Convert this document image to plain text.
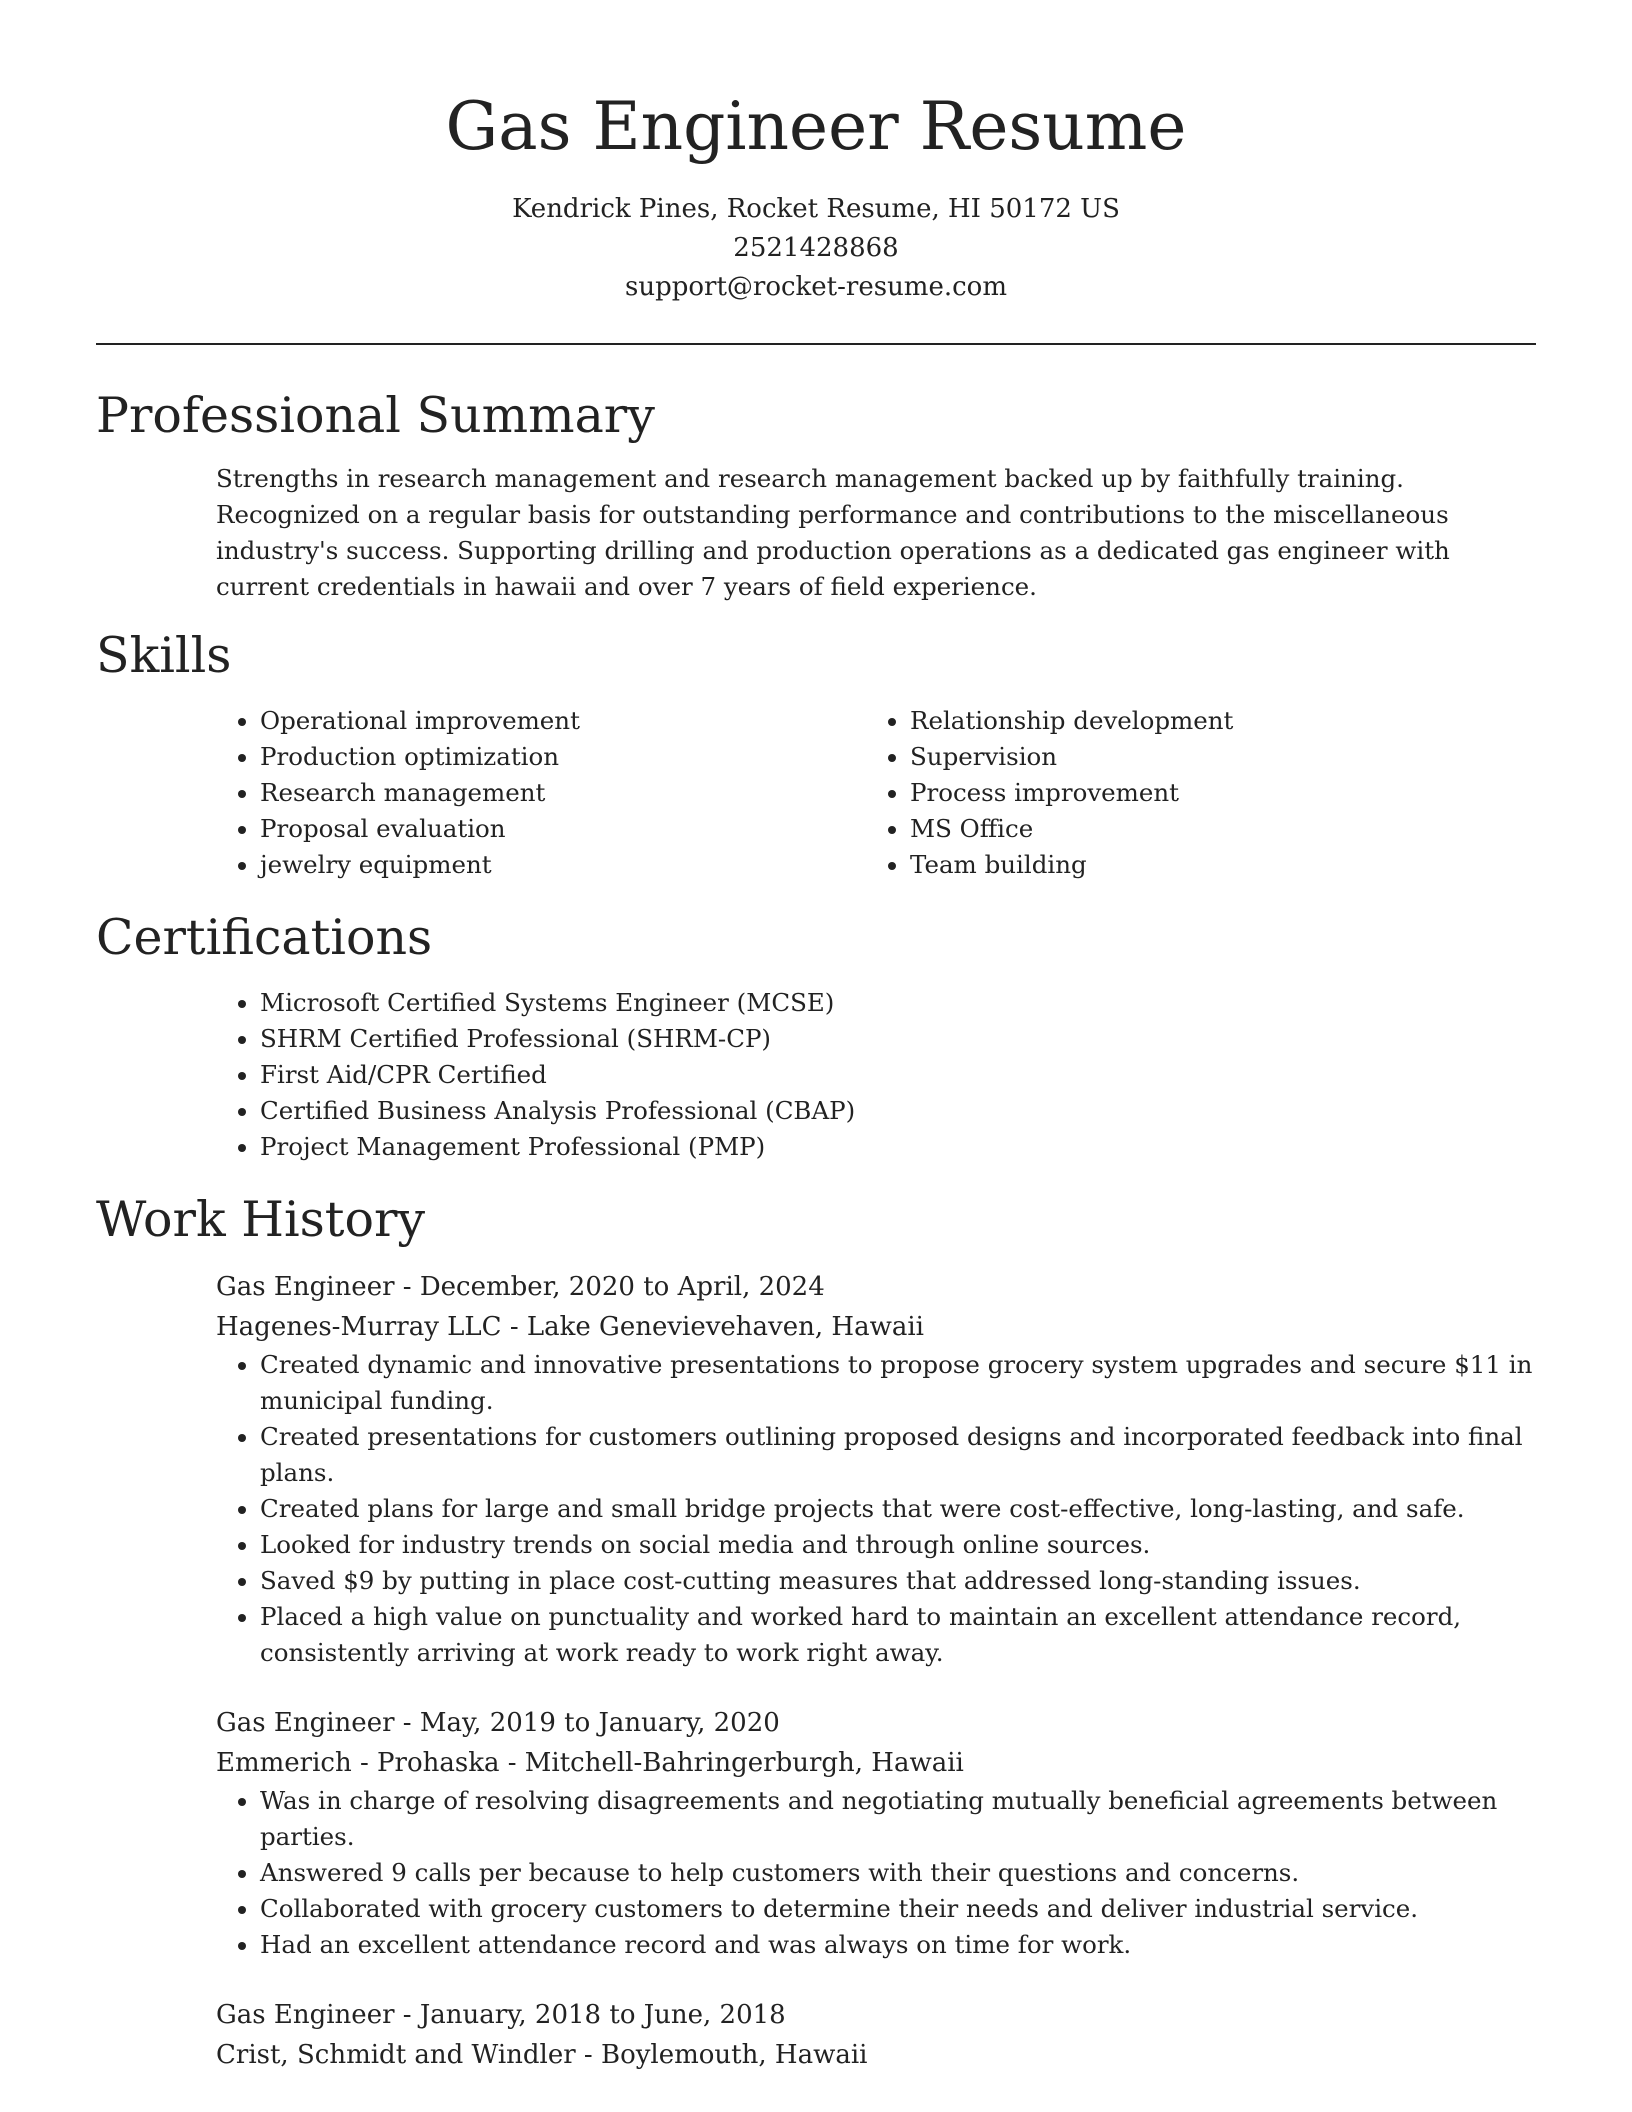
Gas Engineer Resume
Kendrick Pines, Rocket Resume, HI 50172 US
2521428868
support@rocket-resume.com
Professional Summary

Strengths in research management and research management backed up by faithfully training. Recognized on a regular basis for outstanding performance and contributions to the miscellaneous industry's success. Supporting drilling and production operations as a dedicated gas engineer with current credentials in hawaii and over 7 years of field experience.

Skills
• Operational improvement
• Production optimization
• Research management
• Proposal evaluation
• jewelry equipment
• Relationship development
• Supervision
• Process improvement
• MS Office
• Team building
Certifications
• Microsoft Certified Systems Engineer (MCSE)
• SHRM Certified Professional (SHRM-CP)
• First Aid/CPR Certified
• Certified Business Analysis Professional (CBAP)
• Project Management Professional (PMP)
Work History
Gas Engineer - December, 2020 to April, 2024
Hagenes-Murray LLC - Lake Genevievehaven, Hawaii
• Created dynamic and innovative presentations to propose grocery system upgrades and secure $11 in municipal funding.
• Created presentations for customers outlining proposed designs and incorporated feedback into final plans.
• Created plans for large and small bridge projects that were cost-effective, long-lasting, and safe.
• Looked for industry trends on social media and through online sources.
• Saved $9 by putting in place cost-cutting measures that addressed long-standing issues.
• Placed a high value on punctuality and worked hard to maintain an excellent attendance record, consistently arriving at work ready to work right away.
Gas Engineer - May, 2019 to January, 2020
Emmerich - Prohaska - Mitchell-Bahringerburgh, Hawaii
• Was in charge of resolving disagreements and negotiating mutually beneficial agreements between parties.
• Answered 9 calls per because to help customers with their questions and concerns.
• Collaborated with grocery customers to determine their needs and deliver industrial service.
• Had an excellent attendance record and was always on time for work.
Gas Engineer - January, 2018 to June, 2018
Crist, Schmidt and Windler - Boylemouth, Hawaii
